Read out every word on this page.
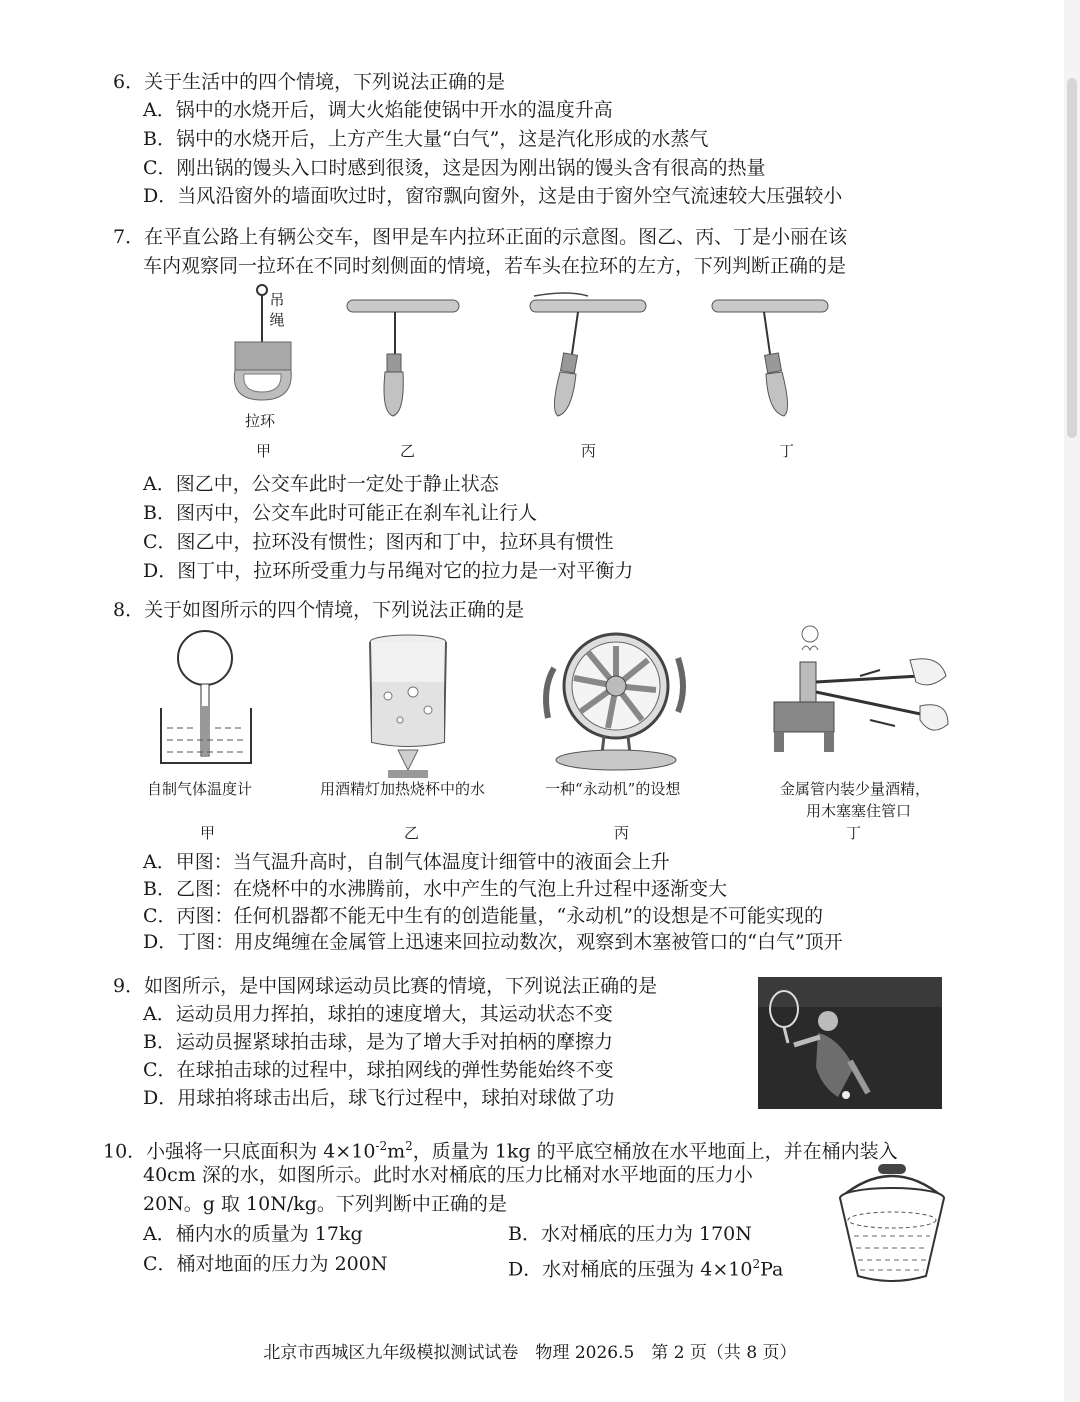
6．关于生活中的四个情境，下列说法正确的是
A．锅中的水烧开后，调大火焰能使锅中开水的温度升高
B．锅中的水烧开后，上方产生大量“白气”，这是汽化形成的水蒸气
C．刚出锅的馒头入口时感到很烫，这是因为刚出锅的馒头含有很高的热量
D．当风沿窗外的墙面吹过时，窗帘飘向窗外，这是由于窗外空气流速较大压强较小
7．在平直公路上有辆公交车，图甲是车内拉环正面的示意图。图乙、丙、丁是小丽在该
车内观察同一拉环在不同时刻侧面的情境，若车头在拉环的左方，下列判断正确的是
吊绳
拉环
甲	乙	丙	丁
A．图乙中，公交车此时一定处于静止状态
B．图丙中，公交车此时可能正在刹车礼让行人
C．图乙中，拉环没有惯性；图丙和丁中，拉环具有惯性
D．图丁中，拉环所受重力与吊绳对它的拉力是一对平衡力
8．关于如图所示的四个情境，下列说法正确的是
自制气体温度计	用酒精灯加热烧杯中的水	一种“永动机”的设想	金属管内装少量酒精，
用木塞塞住管口
甲	乙	丙	丁
A．甲图：当气温升高时，自制气体温度计细管中的液面会上升
B．乙图：在烧杯中的水沸腾前，水中产生的气泡上升过程中逐渐变大
C．丙图：任何机器都不能无中生有的创造能量，“永动机”的设想是不可能实现的
D．丁图：用皮绳缠在金属管上迅速来回拉动数次，观察到木塞被管口的“白气”顶开
9．如图所示，是中国网球运动员比赛的情境，下列说法正确的是
A．运动员用力挥拍，球拍的速度增大，其运动状态不变
B．运动员握紧球拍击球，是为了增大手对拍柄的摩擦力
C．在球拍击球的过程中，球拍网线的弹性势能始终不变
D．用球拍将球击出后，球飞行过程中，球拍对球做了功
10．小强将一只底面积为 $4\times 10^{-2}m^2$，质量为 1kg 的平底空桶放在水平地面上，并在桶内装入
40cm 深的水，如图所示。此时水对桶底的压力比桶对水平地面的压力小
20N。g 取 10N/kg。下列判断中正确的是
A．桶内水的质量为 17kg	B．水对桶底的压力为 170N
C．桶对地面的压力为 200N	D．水对桶底的压强为 $4\times 10^2Pa$
北京市西城区九年级模拟测试试卷　物理 2026.5　第 2 页（共 8 页）
